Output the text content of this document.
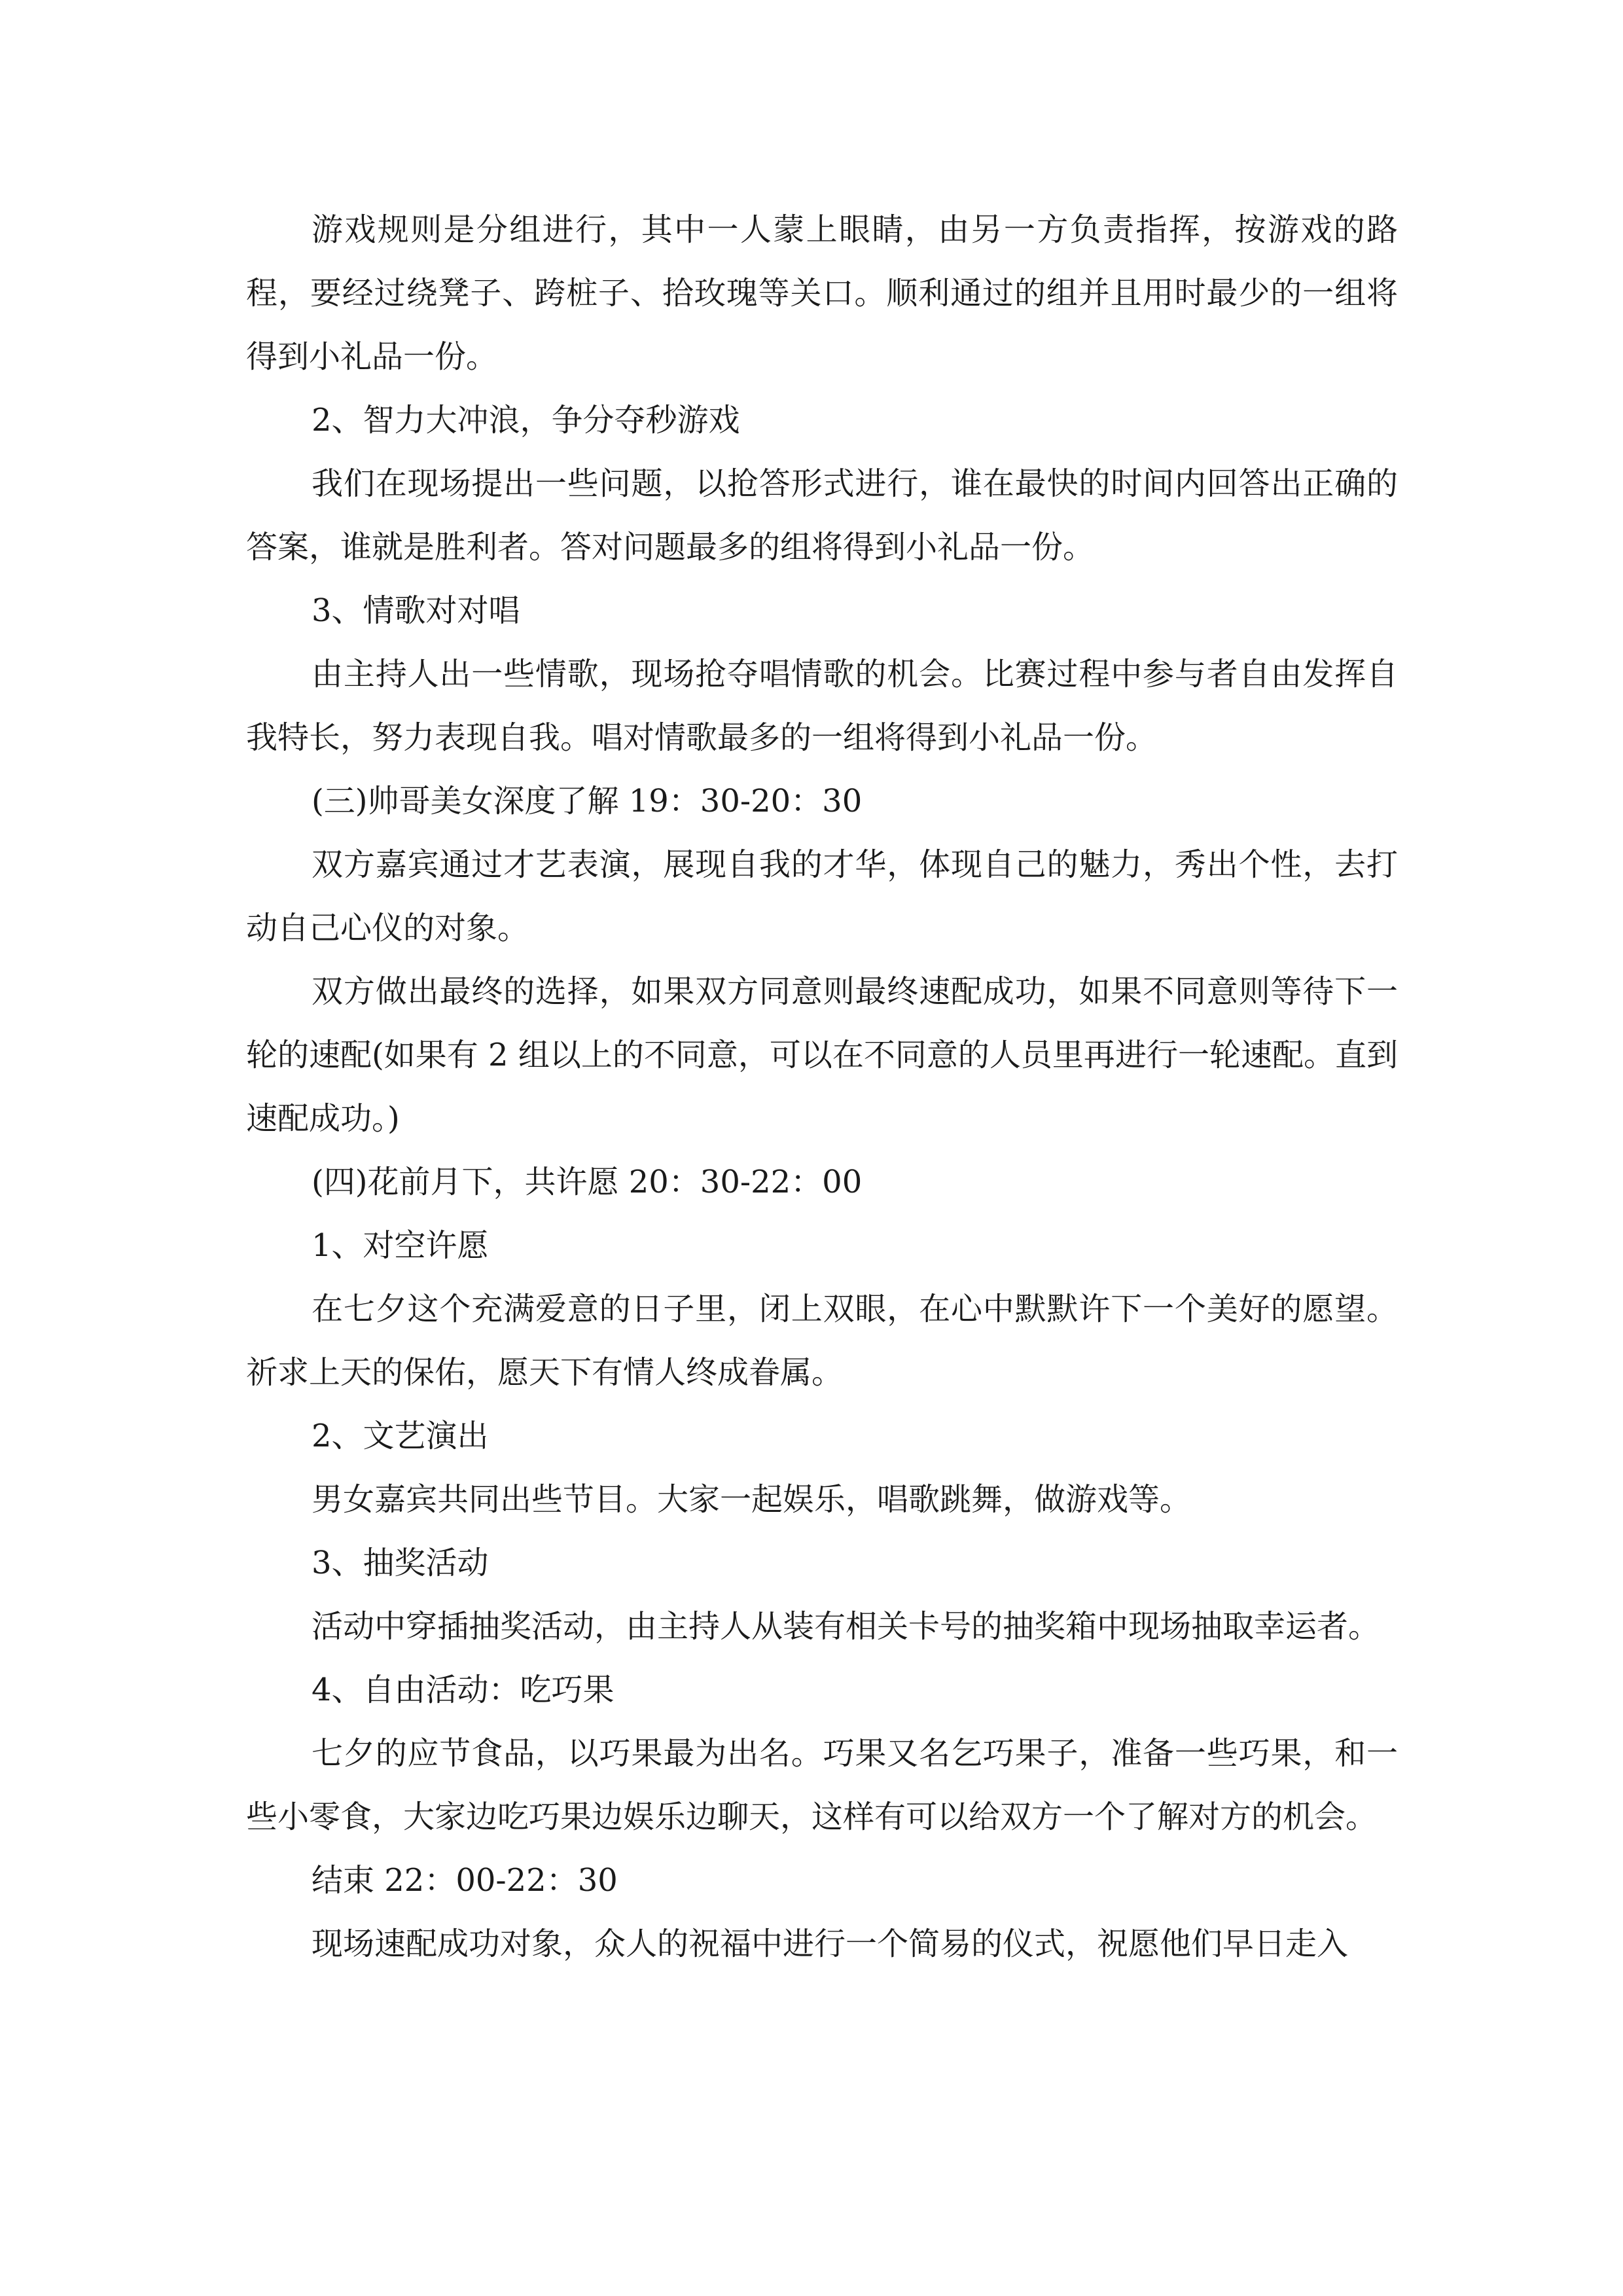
游戏规则是分组进行，其中一人蒙上眼睛，由另一方负责指挥，按游戏的路程，要经过绕凳子、跨桩子、拾玫瑰等关口。顺利通过的组并且用时最少的一组将得到小礼品一份。

2、智力大冲浪，争分夺秒游戏

我们在现场提出一些问题，以抢答形式进行，谁在最快的时间内回答出正确的答案，谁就是胜利者。答对问题最多的组将得到小礼品一份。

3、情歌对对唱

由主持人出一些情歌，现场抢夺唱情歌的机会。比赛过程中参与者自由发挥自我特长，努力表现自我。唱对情歌最多的一组将得到小礼品一份。

(三)帅哥美女深度了解 19：30-20：30

双方嘉宾通过才艺表演，展现自我的才华，体现自己的魅力，秀出个性，去打动自己心仪的对象。

双方做出最终的选择，如果双方同意则最终速配成功，如果不同意则等待下一轮的速配(如果有 2 组以上的不同意，可以在不同意的人员里再进行一轮速配。直到速配成功。)

(四)花前月下，共许愿 20：30-22：00

1、对空许愿

在七夕这个充满爱意的日子里，闭上双眼，在心中默默许下一个美好的愿望。祈求上天的保佑，愿天下有情人终成眷属。

2、文艺演出

男女嘉宾共同出些节目。大家一起娱乐，唱歌跳舞，做游戏等。

3、抽奖活动

活动中穿插抽奖活动，由主持人从装有相关卡号的抽奖箱中现场抽取幸运者。

4、自由活动：吃巧果

七夕的应节食品，以巧果最为出名。巧果又名乞巧果子，准备一些巧果，和一些小零食，大家边吃巧果边娱乐边聊天，这样有可以给双方一个了解对方的机会。

结束 22：00-22：30

现场速配成功对象，众人的祝福中进行一个简易的仪式，祝愿他们早日走入
